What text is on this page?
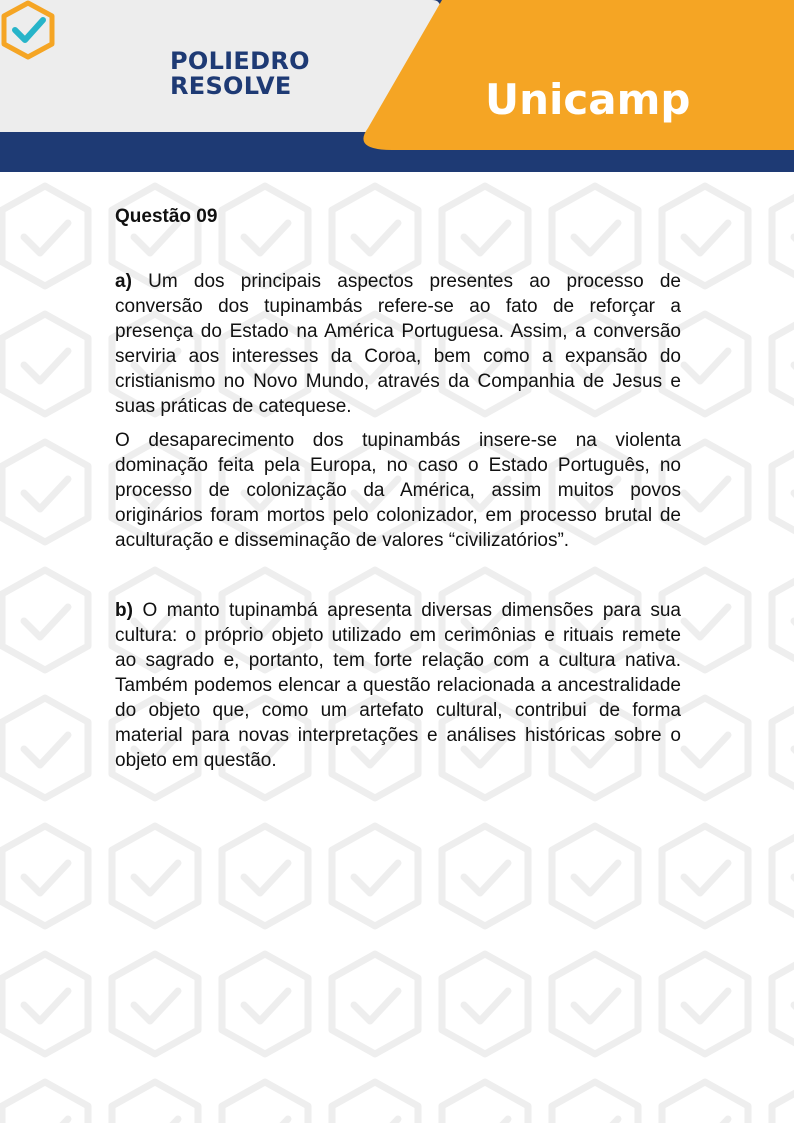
POLIEDRO
RESOLVE	Unicamp
Questão 09

a) Um dos principais aspectos presentes ao processo de conversão dos tupinambás refere-se ao fato de reforçar a presença do Estado na América Portuguesa. Assim, a conversão serviria aos interesses da Coroa, bem como a expansão do cristianismo no Novo Mundo, através da Companhia de Jesus e suas práticas de catequese.

O desaparecimento dos tupinambás insere-se na violenta dominação feita pela Europa, no caso o Estado Português, no processo de colonização da América, assim muitos povos originários foram mortos pelo colonizador, em processo brutal de aculturação e disseminação de valores “civilizatórios”.

b) O manto tupinambá apresenta diversas dimensões para sua cultura: o próprio objeto utilizado em cerimônias e rituais remete ao sagrado e, portanto, tem forte relação com a cultura nativa. Também podemos elencar a questão relacionada a ancestralidade do objeto que, como um artefato cultural, contribui de forma material para novas interpretações e análises históricas sobre o objeto em questão.
